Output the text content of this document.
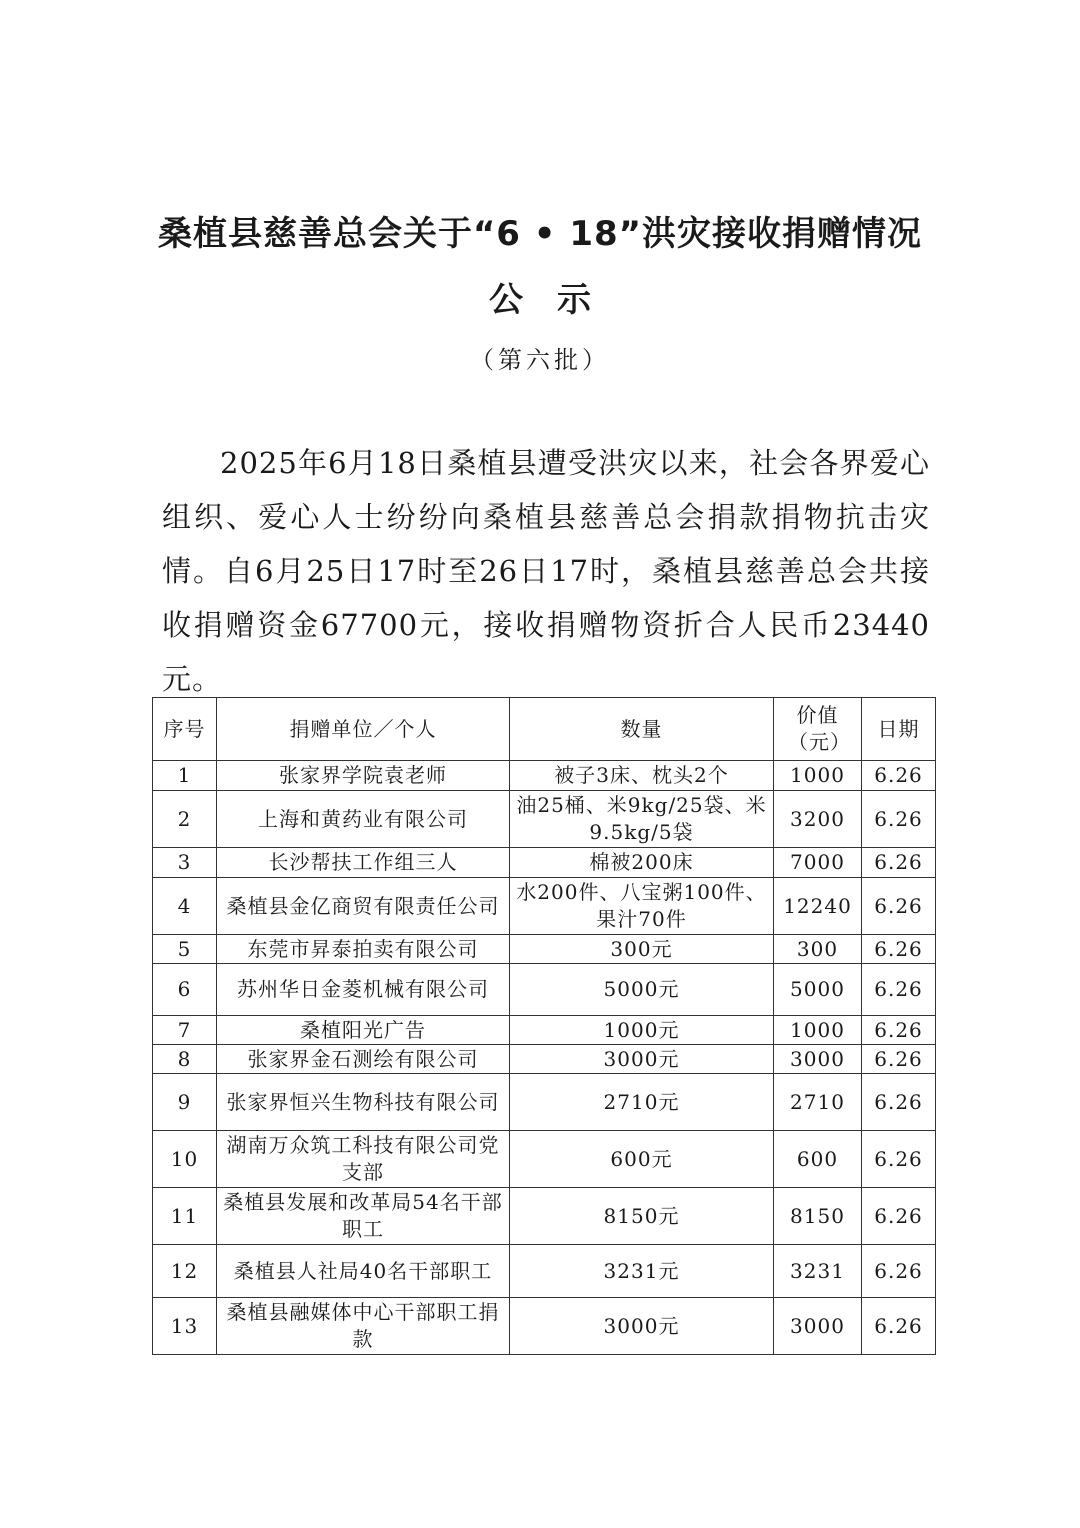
桑植县慈善总会关于“6 • 18”洪灾接收捐赠情况
公示
（第六批）

2025年6月18日桑植县遭受洪灾以来，社会各界爱心组织、爱心人士纷纷向桑植县慈善总会捐款捐物抗击灾情。自6月25日17时至26日17时，桑植县慈善总会共接收捐赠资金67700元，接收捐赠物资折合人民币23440元。

序号	捐赠单位／个人	数量	价值（元）	日期
1	张家界学院袁老师	被子3床、枕头2个	1000	6.26
2	上海和黄药业有限公司	油25桶、米9kg/25袋、米9.5kg/5袋	3200	6.26
3	长沙帮扶工作组三人	棉被200床	7000	6.26
4	桑植县金亿商贸有限责任公司	水200件、八宝粥100件、果汁70件	12240	6.26
5	东莞市昇泰拍卖有限公司	300元	300	6.26
6	苏州华日金菱机械有限公司	5000元	5000	6.26
7	桑植阳光广告	1000元	1000	6.26
8	张家界金石测绘有限公司	3000元	3000	6.26
9	张家界恒兴生物科技有限公司	2710元	2710	6.26
10	湖南万众筑工科技有限公司党支部	600元	600	6.26
11	桑植县发展和改革局54名干部职工	8150元	8150	6.26
12	桑植县人社局40名干部职工	3231元	3231	6.26
13	桑植县融媒体中心干部职工捐款	3000元	3000	6.26
